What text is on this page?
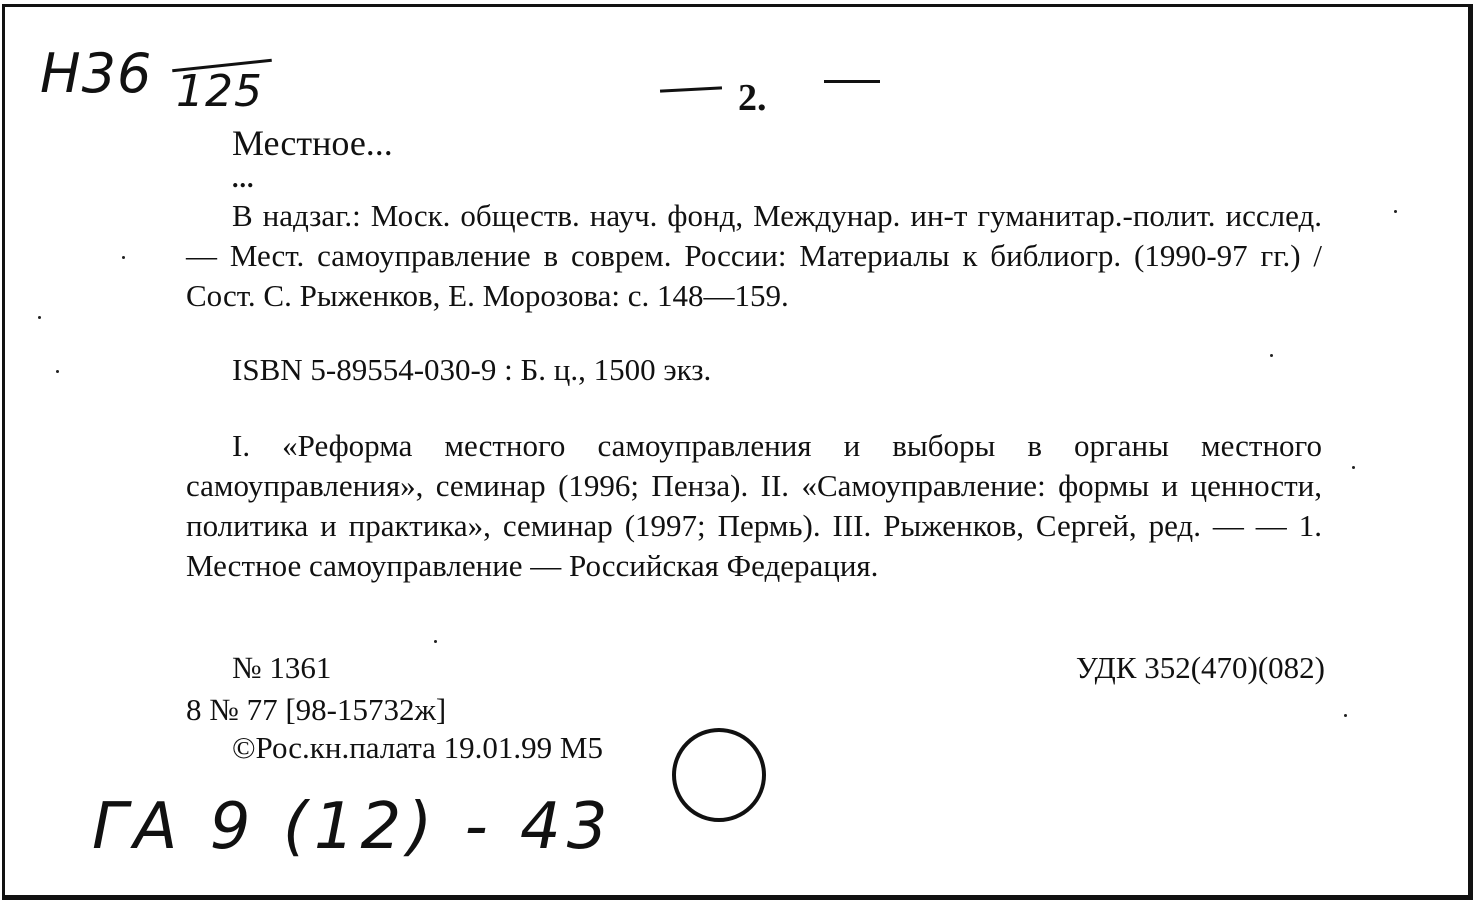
Н36 125	2.
Местное...
...
В надзаг.: Моск. обществ. науч. фонд, Междунар. ин-т гуманитар.-полит. исслед. — Мест. самоуправление в соврем. России: Материалы к библиогр. (1990-97 гг.) / Сост. С. Рыженков, Е. Морозова: с. 148—159.
ISBN 5-89554-030-9 : Б. ц., 1500 экз.
I. «Реформа местного самоуправления и выборы в органы местного самоуправления», семинар (1996; Пенза). II. «Самоуправление: формы и ценности, политика и практика», семинар (1997; Пермь). III. Рыженков, Сергей, ред. — — 1. Местное самоуправление — Российская Федерация.
№ 1361	УДК 352(470)(082)
8 № 77 [98-15732ж]
©Рос.кн.палата 19.01.99 М5
ГА 9 (12) - 43
